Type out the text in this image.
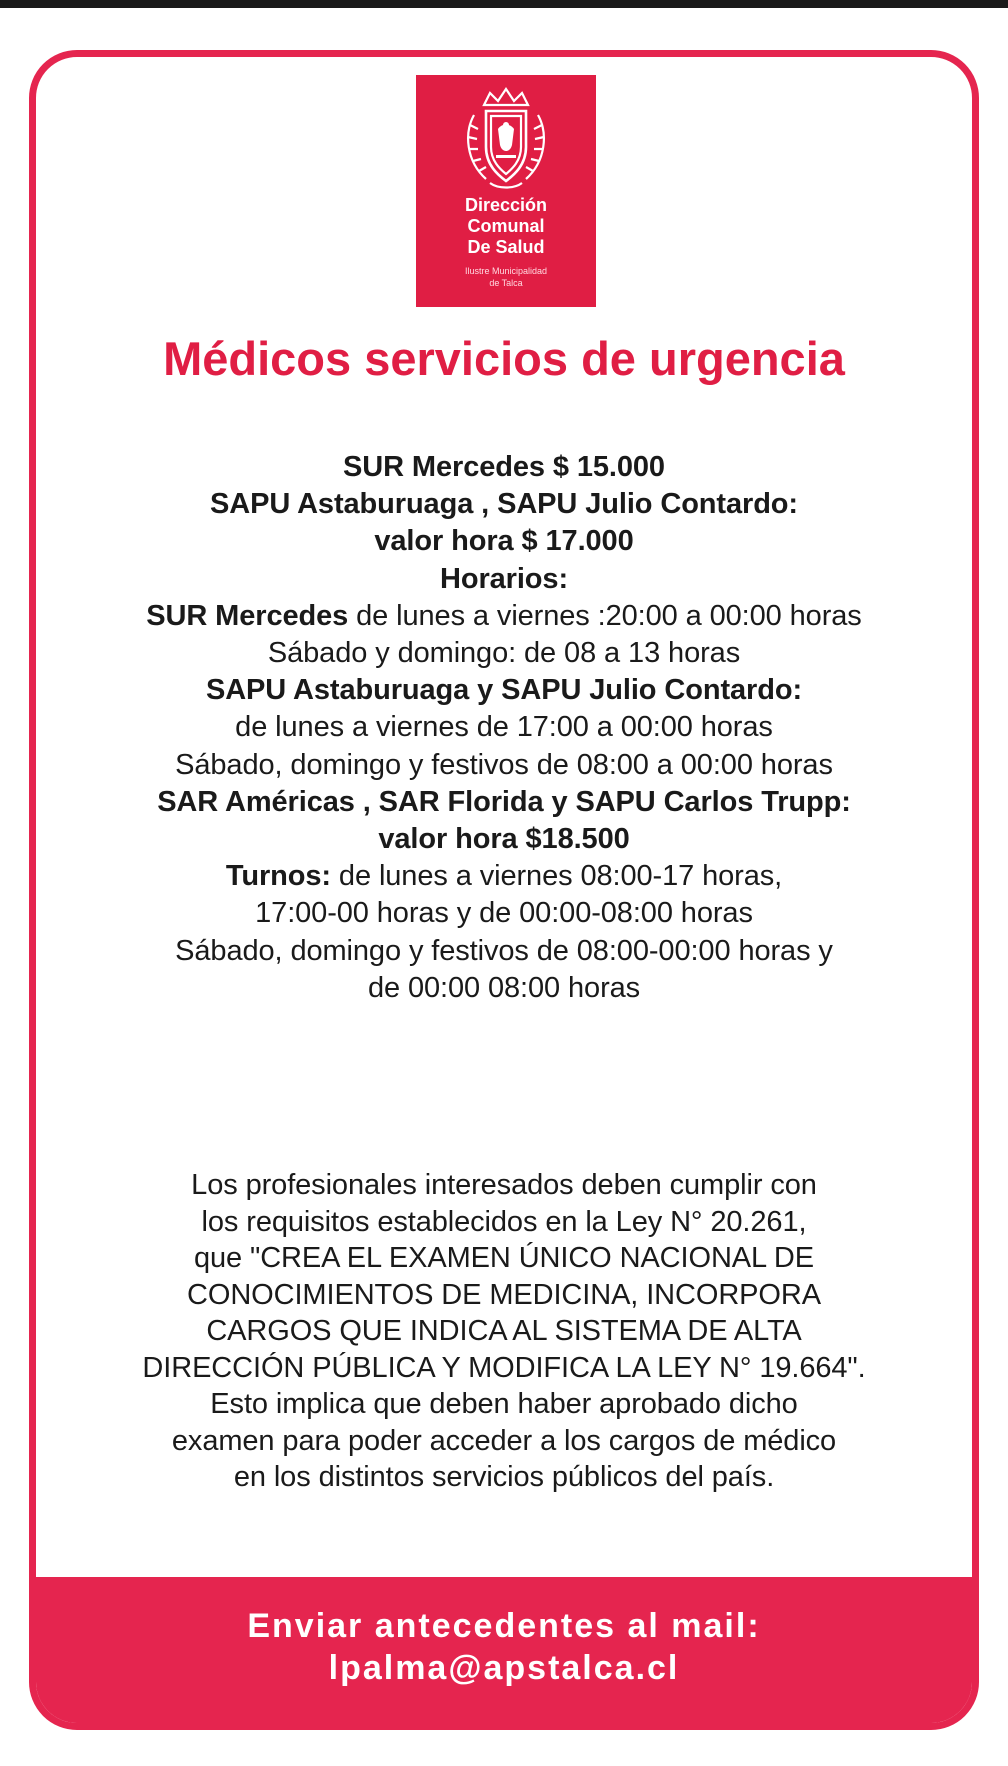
Dirección
Comunal
De Salud
Ilustre Municipalidad
de Talca
Médicos servicios de urgencia
SUR Mercedes $ 15.000
SAPU Astaburuaga , SAPU Julio Contardo:
valor hora $ 17.000
Horarios:
SUR Mercedes de lunes a viernes :20:00 a 00:00 horas
Sábado y domingo: de 08 a 13 horas
SAPU Astaburuaga y SAPU Julio Contardo:
de lunes a viernes de 17:00 a 00:00 horas
Sábado, domingo y festivos de 08:00 a 00:00 horas
SAR Américas , SAR Florida y SAPU Carlos Trupp:
valor hora $18.500
Turnos: de lunes a viernes 08:00-17 horas,
17:00-00 horas y de 00:00-08:00 horas
Sábado, domingo y festivos de 08:00-00:00 horas y
de 00:00 08:00 horas
Los profesionales interesados deben cumplir con
los requisitos establecidos en la Ley N° 20.261,
que "CREA EL EXAMEN ÚNICO NACIONAL DE
CONOCIMIENTOS DE MEDICINA, INCORPORA
CARGOS QUE INDICA AL SISTEMA DE ALTA
DIRECCIÓN PÚBLICA Y MODIFICA LA LEY N° 19.664".
Esto implica que deben haber aprobado dicho
examen para poder acceder a los cargos de médico
en los distintos servicios públicos del país.
Enviar antecedentes al mail:
lpalma@apstalca.cl
